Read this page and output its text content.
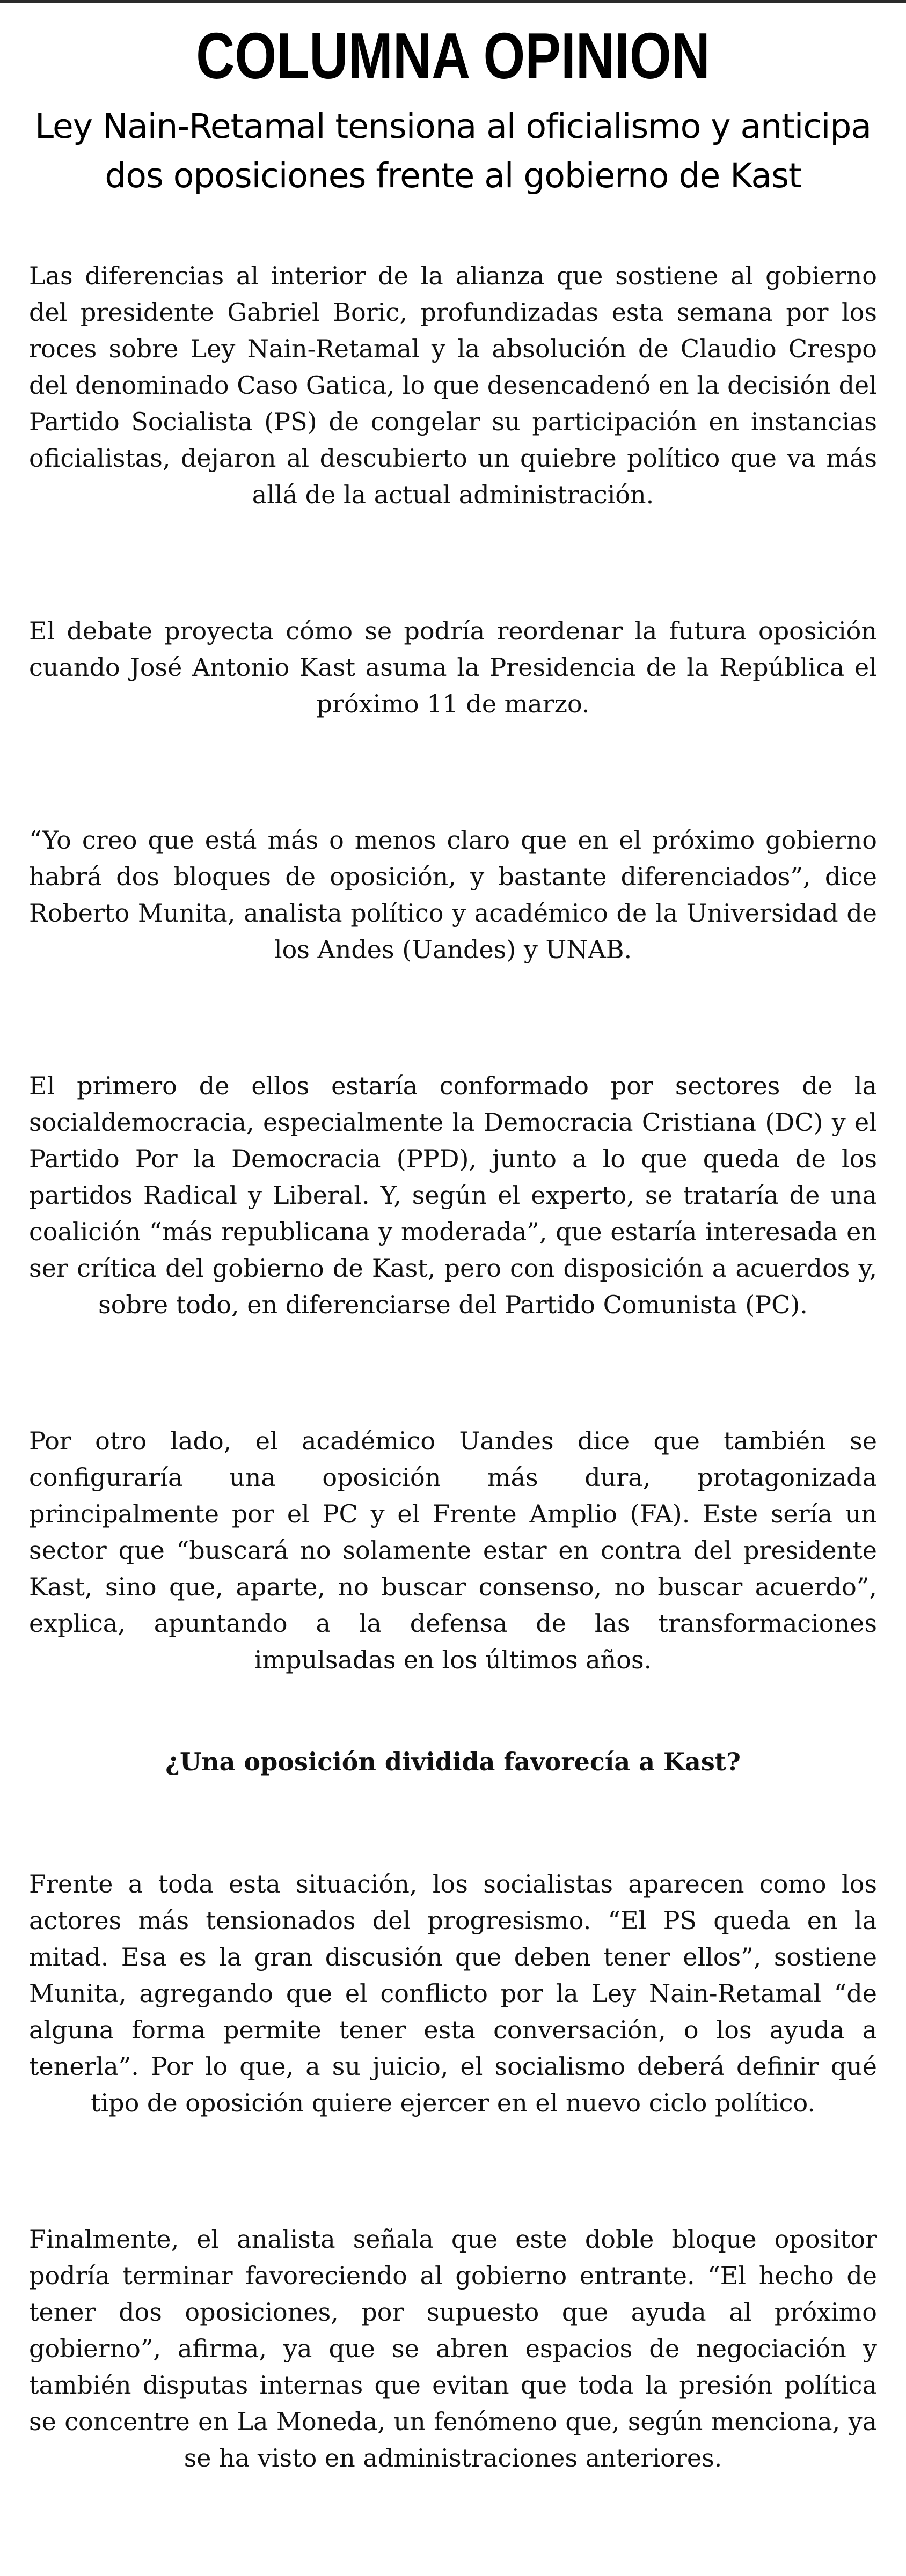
COLUMNA OPINION
Ley Nain-Retamal tensiona al oficialismo y anticipa dos oposiciones frente al gobierno de Kast

Las diferencias al interior de la alianza que sostiene al gobierno del presidente Gabriel Boric, profundizadas esta semana por los roces sobre Ley Nain-Retamal y la absolución de Claudio Crespo del denominado Caso Gatica, lo que desencadenó en la decisión del Partido Socialista (PS) de congelar su participación en instancias oficialistas, dejaron al descubierto un quiebre político que va más allá de la actual administración.

El debate proyecta cómo se podría reordenar la futura oposición cuando José Antonio Kast asuma la Presidencia de la República el próximo 11 de marzo.

“Yo creo que está más o menos claro que en el próximo gobierno habrá dos bloques de oposición, y bastante diferenciados”, dice Roberto Munita, analista político y académico de la Universidad de los Andes (Uandes) y UNAB.

El primero de ellos estaría conformado por sectores de la socialdemocracia, especialmente la Democracia Cristiana (DC) y el Partido Por la Democracia (PPD), junto a lo que queda de los partidos Radical y Liberal. Y, según el experto, se trataría de una coalición “más republicana y moderada”, que estaría interesada en ser crítica del gobierno de Kast, pero con disposición a acuerdos y, sobre todo, en diferenciarse del Partido Comunista (PC).

Por otro lado, el académico Uandes dice que también se configuraría una oposición más dura, protagonizada principalmente por el PC y el Frente Amplio (FA). Este sería un sector que “buscará no solamente estar en contra del presidente Kast, sino que, aparte, no buscar consenso, no buscar acuerdo”, explica, apuntando a la defensa de las transformaciones impulsadas en los últimos años.

¿Una oposición dividida favorecía a Kast?

Frente a toda esta situación, los socialistas aparecen como los actores más tensionados del progresismo. “El PS queda en la mitad. Esa es la gran discusión que deben tener ellos”, sostiene Munita, agregando que el conflicto por la Ley Nain-Retamal “de alguna forma permite tener esta conversación, o los ayuda a tenerla”. Por lo que, a su juicio, el socialismo deberá definir qué tipo de oposición quiere ejercer en el nuevo ciclo político.

Finalmente, el analista señala que este doble bloque opositor podría terminar favoreciendo al gobierno entrante. “El hecho de tener dos oposiciones, por supuesto que ayuda al próximo gobierno”, afirma, ya que se abren espacios de negociación y también disputas internas que evitan que toda la presión política se concentre en La Moneda, un fenómeno que, según menciona, ya se ha visto en administraciones anteriores.
